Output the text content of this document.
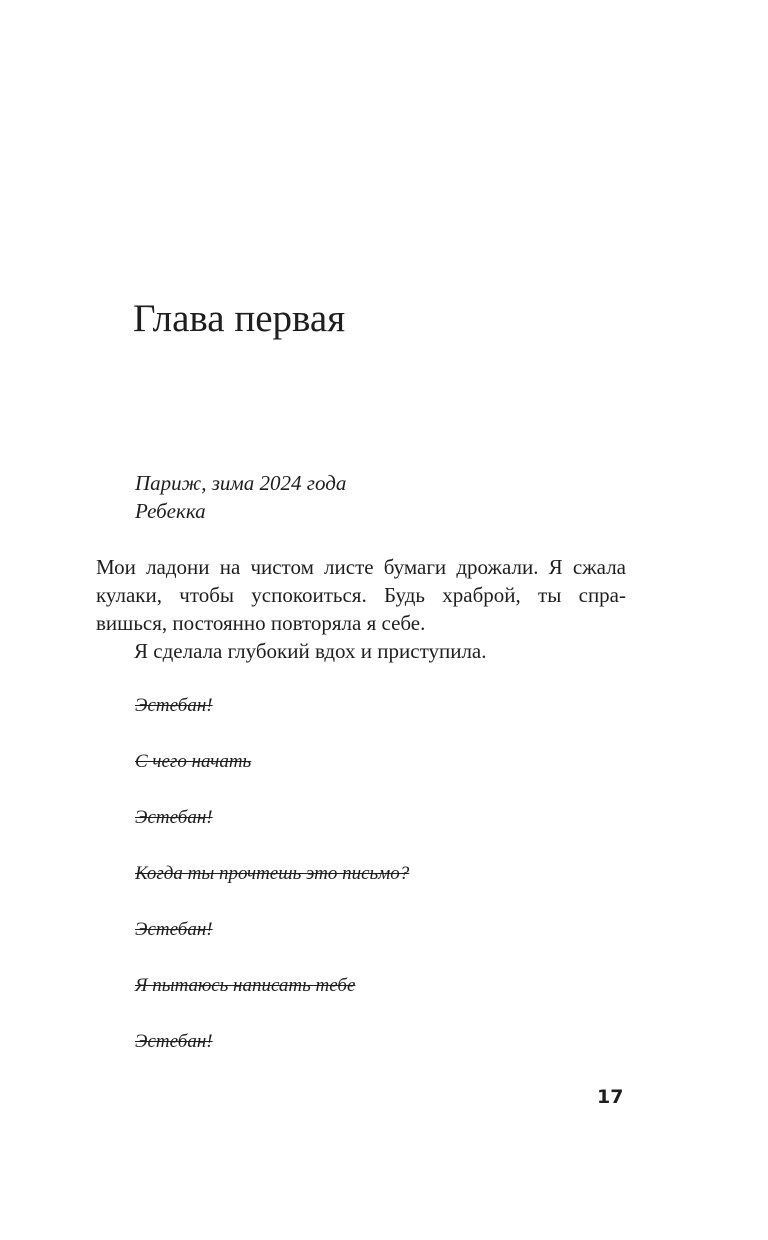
Глава первая
Париж, зима 2024 года
Ребекка
Мои ладони на чистом листе бумаги дрожали. Я сжала
кулаки, чтобы успокоиться. Будь храброй, ты спра-
вишься, постоянно повторяла я себе.
Я сделала глубокий вдох и приступила.
Эстебан!
С чего начать
Эстебан!
Когда ты прочтешь это письмо?
Эстебан!
Я пытаюсь написать тебе
Эстебан!
17
